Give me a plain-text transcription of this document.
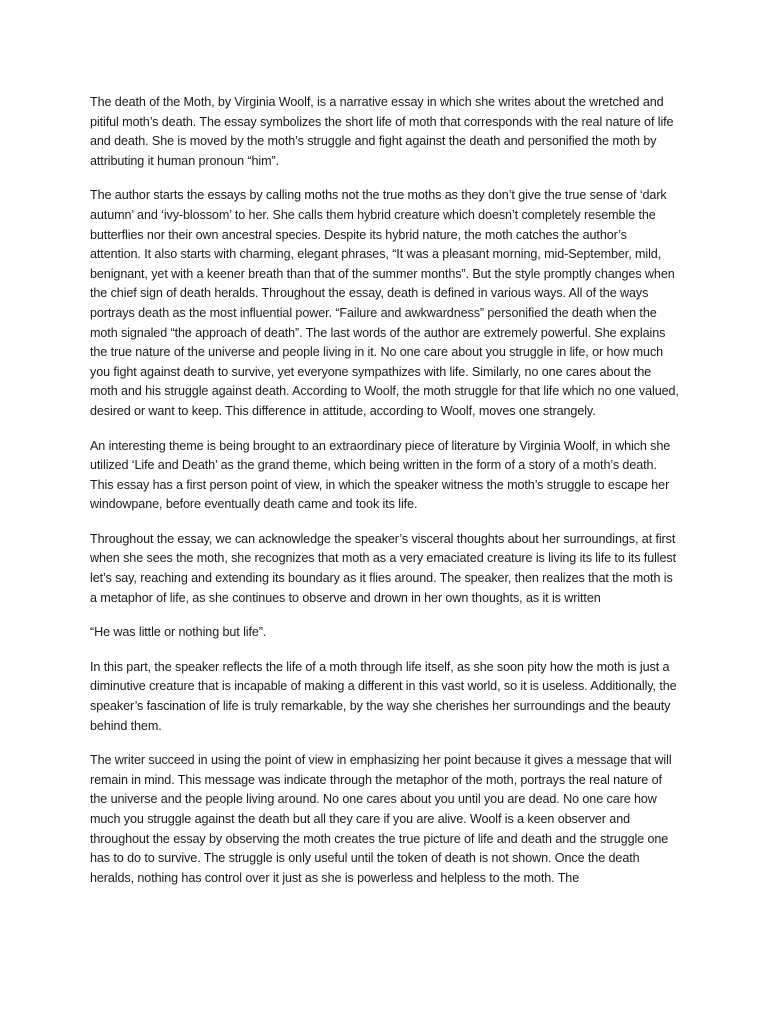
The death of the Moth, by Virginia Woolf, is a narrative essay in which she writes about the wretched and pitiful moth’s death. The essay symbolizes the short life of moth that corresponds with the real nature of life and death. She is moved by the moth’s struggle and fight against the death and personified the moth by attributing it human pronoun “him”.

The author starts the essays by calling moths not the true moths as they don’t give the true sense of ‘dark autumn’ and ‘ivy-blossom’ to her. She calls them hybrid creature which doesn’t completely resemble the butterflies nor their own ancestral species. Despite its hybrid nature, the moth catches the author’s attention. It also starts with charming, elegant phrases, “It was a pleasant morning, mid-September, mild, benignant, yet with a keener breath than that of the summer months”. But the style promptly changes when the chief sign of death heralds. Throughout the essay, death is defined in various ways. All of the ways portrays death as the most influential power. “Failure and awkwardness” personified the death when the moth signaled “the approach of death”. The last words of the author are extremely powerful. She explains the true nature of the universe and people living in it. No one care about you struggle in life, or how much you fight against death to survive, yet everyone sympathizes with life. Similarly, no one cares about the moth and his struggle against death. According to Woolf, the moth struggle for that life which no one valued, desired or want to keep. This difference in attitude, according to Woolf, moves one strangely.

An interesting theme is being brought to an extraordinary piece of literature by Virginia Woolf, in which she utilized ‘Life and Death’ as the grand theme, which being written in the form of a story of a moth’s death. This essay has a first person point of view, in which the speaker witness the moth’s struggle to escape her windowpane, before eventually death came and took its life.

Throughout the essay, we can acknowledge the speaker’s visceral thoughts about her surroundings, at first when she sees the moth, she recognizes that moth as a very emaciated creature is living its life to its fullest let’s say, reaching and extending its boundary as it flies around. The speaker, then realizes that the moth is a metaphor of life, as she continues to observe and drown in her own thoughts, as it is written

“He was little or nothing but life”.

In this part, the speaker reflects the life of a moth through life itself, as she soon pity how the moth is just a diminutive creature that is incapable of making a different in this vast world, so it is useless. Additionally, the speaker’s fascination of life is truly remarkable, by the way she cherishes her surroundings and the beauty behind them.

The writer succeed in using the point of view in emphasizing her point because it gives a message that will remain in mind. This message was indicate through the metaphor of the moth, portrays the real nature of the universe and the people living around. No one cares about you until you are dead. No one care how much you struggle against the death but all they care if you are alive. Woolf is a keen observer and throughout the essay by observing the moth creates the true picture of life and death and the struggle one has to do to survive. The struggle is only useful until the token of death is not shown. Once the death heralds, nothing has control over it just as she is powerless and helpless to the moth. The
